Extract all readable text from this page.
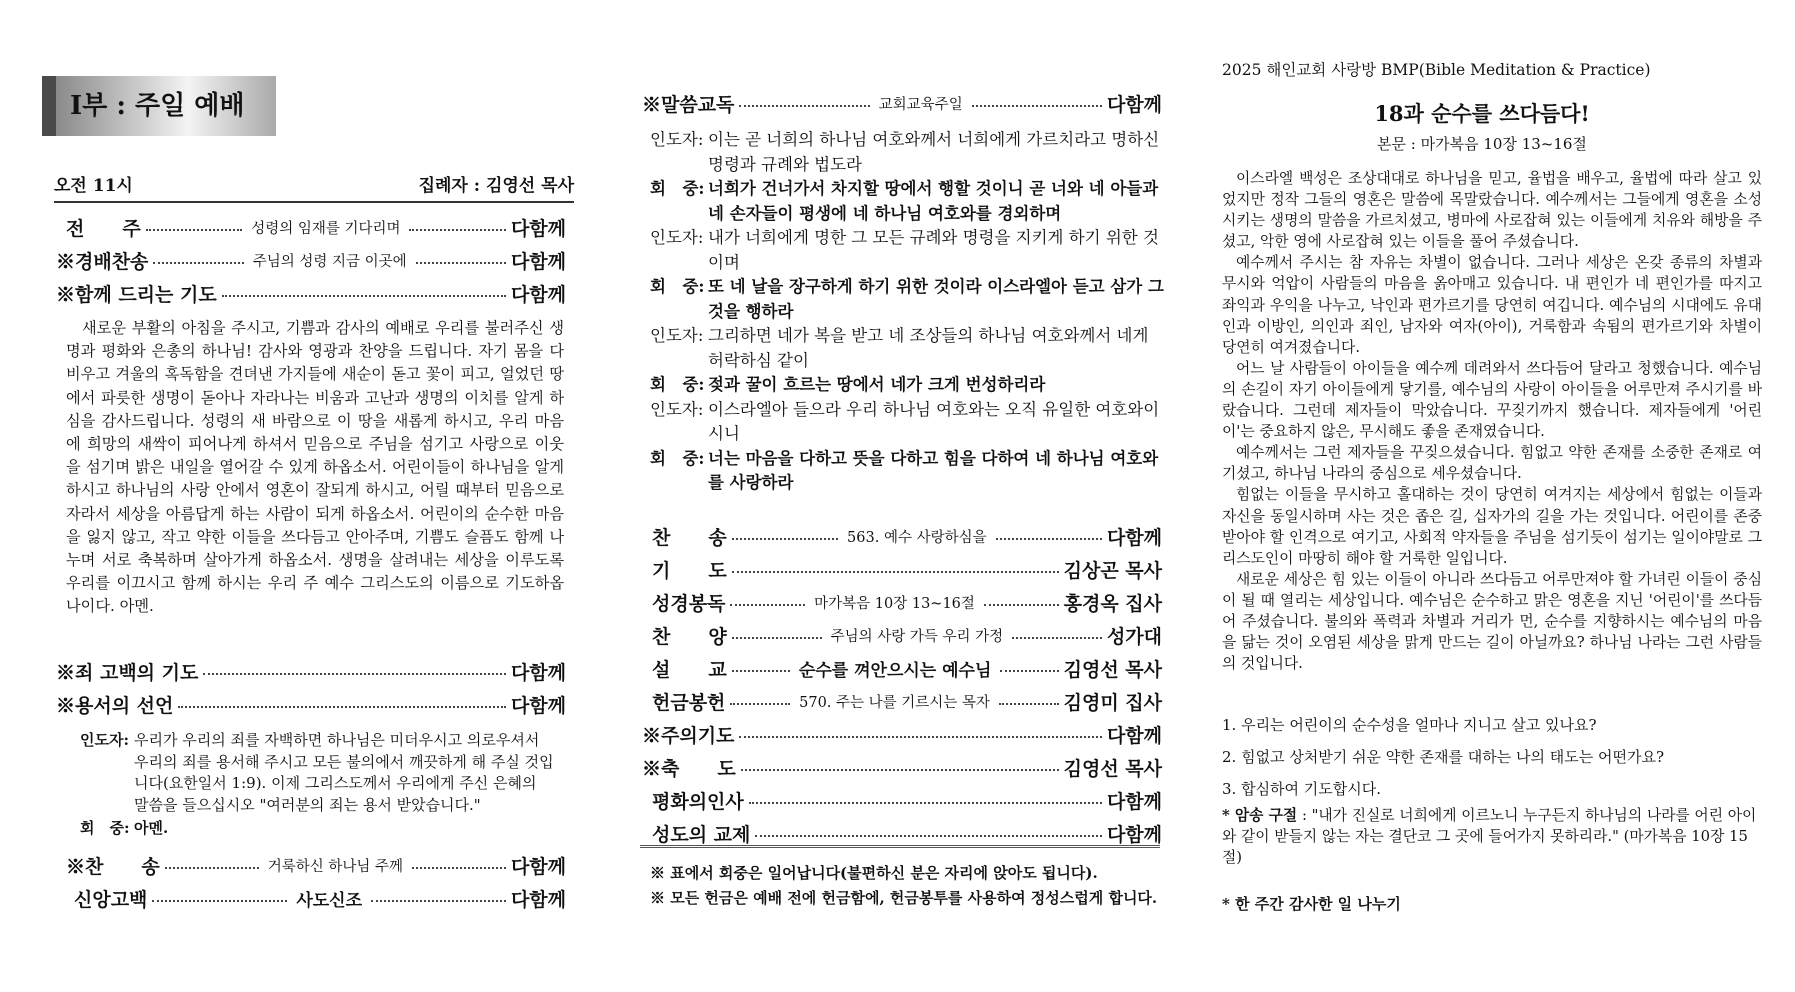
I부 : 주일 예배
오전 11시	집례자 : 김영선 목사
전　　주	성령의 임재를 기다리며	다함께
※경배찬송	주님의 성령 지금 이곳에	다함께
※함께 드리는 기도	다함께
새로운 부활의 아침을 주시고, 기쁨과 감사의 예배로 우리를 불러주신 생명과 평화와 은총의 하나님! 감사와 영광과 찬양을 드립니다. 자기 몸을 다 비우고 겨울의 혹독함을 견뎌낸 가지들에 새순이 돋고 꽃이 피고, 얼었던 땅에서 파릇한 생명이 돋아나 자라나는 비움과 고난과 생명의 이치를 알게 하심을 감사드립니다. 성령의 새 바람으로 이 땅을 새롭게 하시고, 우리 마음에 희망의 새싹이 피어나게 하셔서 믿음으로 주님을 섬기고 사랑으로 이웃을 섬기며 밝은 내일을 열어갈 수 있게 하옵소서. 어린이들이 하나님을 알게 하시고 하나님의 사랑 안에서 영혼이 잘되게 하시고, 어릴 때부터 믿음으로 자라서 세상을 아름답게 하는 사람이 되게 하옵소서. 어린이의 순수한 마음을 잃지 않고, 작고 약한 이들을 쓰다듬고 안아주며, 기쁨도 슬픔도 함께 나누며 서로 축복하며 살아가게 하옵소서. 생명을 살려내는 세상을 이루도록 우리를 이끄시고 함께 하시는 우리 주 예수 그리스도의 이름으로 기도하옵나이다. 아멘.
※죄 고백의 기도	다함께
※용서의 선언	다함께
인도자: 우리가 우리의 죄를 자백하면 하나님은 미더우시고 의로우셔서 우리의 죄를 용서해 주시고 모든 불의에서 깨끗하게 해 주실 것입니다(요한일서 1:9). 이제 그리스도께서 우리에게 주신 은혜의 말씀을 들으십시오 "여러분의 죄는 용서 받았습니다."
회　중: 아멘.
※찬　　송	거룩하신 하나님 주께	다함께
신앙고백	사도신조	다함께
※말씀교독	교회교육주일	다함께
인도자: 이는 곧 너희의 하나님 여호와께서 너희에게 가르치라고 명하신 명령과 규례와 법도라
회　중: 너희가 건너가서 차지할 땅에서 행할 것이니 곧 너와 네 아들과 네 손자들이 평생에 네 하나님 여호와를 경외하며
인도자: 내가 너희에게 명한 그 모든 규례와 명령을 지키게 하기 위한 것이며
회　중: 또 네 날을 장구하게 하기 위한 것이라 이스라엘아 듣고 삼가 그것을 행하라
인도자: 그리하면 네가 복을 받고 네 조상들의 하나님 여호와께서 네게 허락하심 같이
회　중: 젖과 꿀이 흐르는 땅에서 네가 크게 번성하리라
인도자: 이스라엘아 들으라 우리 하나님 여호와는 오직 유일한 여호와이시니
회　중: 너는 마음을 다하고 뜻을 다하고 힘을 다하여 네 하나님 여호와를 사랑하라
찬　　송	563. 예수 사랑하심을	다함께
기　　도	김상곤 목사
성경봉독	마가복음 10장 13~16절	홍경옥 집사
찬　　양	주님의 사랑 가득 우리 가정	성가대
설　　교	순수를 껴안으시는 예수님	김영선 목사
헌금봉헌	570. 주는 나를 기르시는 목자	김영미 집사
※주의기도	다함께
※축　　도	김영선 목사
평화의인사	다함께
성도의 교제	다함께
※ 표에서 회중은 일어납니다(불편하신 분은 자리에 앉아도 됩니다).
※ 모든 헌금은 예배 전에 헌금함에, 헌금봉투를 사용하여 정성스럽게 합니다.
2025 해인교회 사랑방 BMP(Bible Meditation & Practice)
18과 순수를 쓰다듬다!
본문 : 마가복음 10장 13~16절
이스라엘 백성은 조상대대로 하나님을 믿고, 율법을 배우고, 율법에 따라 살고 있었지만 정작 그들의 영혼은 말씀에 목말랐습니다. 예수께서는 그들에게 영혼을 소성시키는 생명의 말씀을 가르치셨고, 병마에 사로잡혀 있는 이들에게 치유와 해방을 주셨고, 악한 영에 사로잡혀 있는 이들을 풀어 주셨습니다.
예수께서 주시는 참 자유는 차별이 없습니다. 그러나 세상은 온갖 종류의 차별과 무시와 억압이 사람들의 마음을 옭아매고 있습니다. 내 편인가 네 편인가를 따지고 좌익과 우익을 나누고, 낙인과 편가르기를 당연히 여깁니다. 예수님의 시대에도 유대인과 이방인, 의인과 죄인, 남자와 여자(아이), 거룩함과 속됨의 편가르기와 차별이 당연히 여겨졌습니다.
어느 날 사람들이 아이들을 예수께 데려와서 쓰다듬어 달라고 청했습니다. 예수님의 손길이 자기 아이들에게 닿기를, 예수님의 사랑이 아이들을 어루만져 주시기를 바랐습니다. 그런데 제자들이 막았습니다. 꾸짖기까지 했습니다. 제자들에게 '어린이'는 중요하지 않은, 무시해도 좋을 존재였습니다.
예수께서는 그런 제자들을 꾸짖으셨습니다. 힘없고 약한 존재를 소중한 존재로 여기셨고, 하나님 나라의 중심으로 세우셨습니다.
힘없는 이들을 무시하고 홀대하는 것이 당연히 여겨지는 세상에서 힘없는 이들과 자신을 동일시하며 사는 것은 좁은 길, 십자가의 길을 가는 것입니다. 어린이를 존중받아야 할 인격으로 여기고, 사회적 약자들을 주님을 섬기듯이 섬기는 일이야말로 그리스도인이 마땅히 해야 할 거룩한 일입니다.
새로운 세상은 힘 있는 이들이 아니라 쓰다듬고 어루만져야 할 가녀린 이들이 중심이 될 때 열리는 세상입니다. 예수님은 순수하고 맑은 영혼을 지닌 '어린이'를 쓰다듬어 주셨습니다. 불의와 폭력과 차별과 거리가 먼, 순수를 지향하시는 예수님의 마음을 닮는 것이 오염된 세상을 맑게 만드는 길이 아닐까요? 하나님 나라는 그런 사람들의 것입니다.
1. 우리는 어린이의 순수성을 얼마나 지니고 살고 있나요?
2. 힘없고 상처받기 쉬운 약한 존재를 대하는 나의 태도는 어떤가요?
3. 합심하여 기도합시다.
* 암송 구절 : "내가 진실로 너희에게 이르노니 누구든지 하나님의 나라를 어린 아이와 같이 받들지 않는 자는 결단코 그 곳에 들어가지 못하리라." (마가복음 10장 15절)
* 한 주간 감사한 일 나누기
